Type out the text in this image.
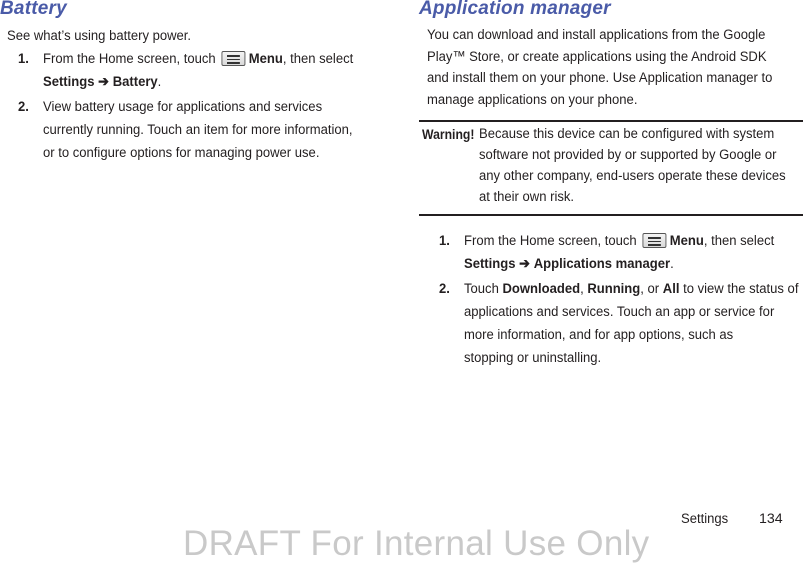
Battery
See what’s using battery power.
1. From the Home screen, touch Menu, then select
Settings ➔ Battery.
2. View battery usage for applications and services
currently running. Touch an item for more information,
or to configure options for managing power use.
Application manager
You can download and install applications from the Google
Play™ Store, or create applications using the Android SDK
and install them on your phone. Use Application manager to
manage applications on your phone.
Warning! Because this device can be configured with system
software not provided by or supported by Google or
any other company, end-users operate these devices
at their own risk.
1. From the Home screen, touch Menu, then select
Settings ➔ Applications manager.
2. Touch Downloaded, Running, or All to view the status of
applications and services. Touch an app or service for
more information, and for app options, such as
stopping or uninstalling.
Settings 134
DRAFT For Internal Use Only
